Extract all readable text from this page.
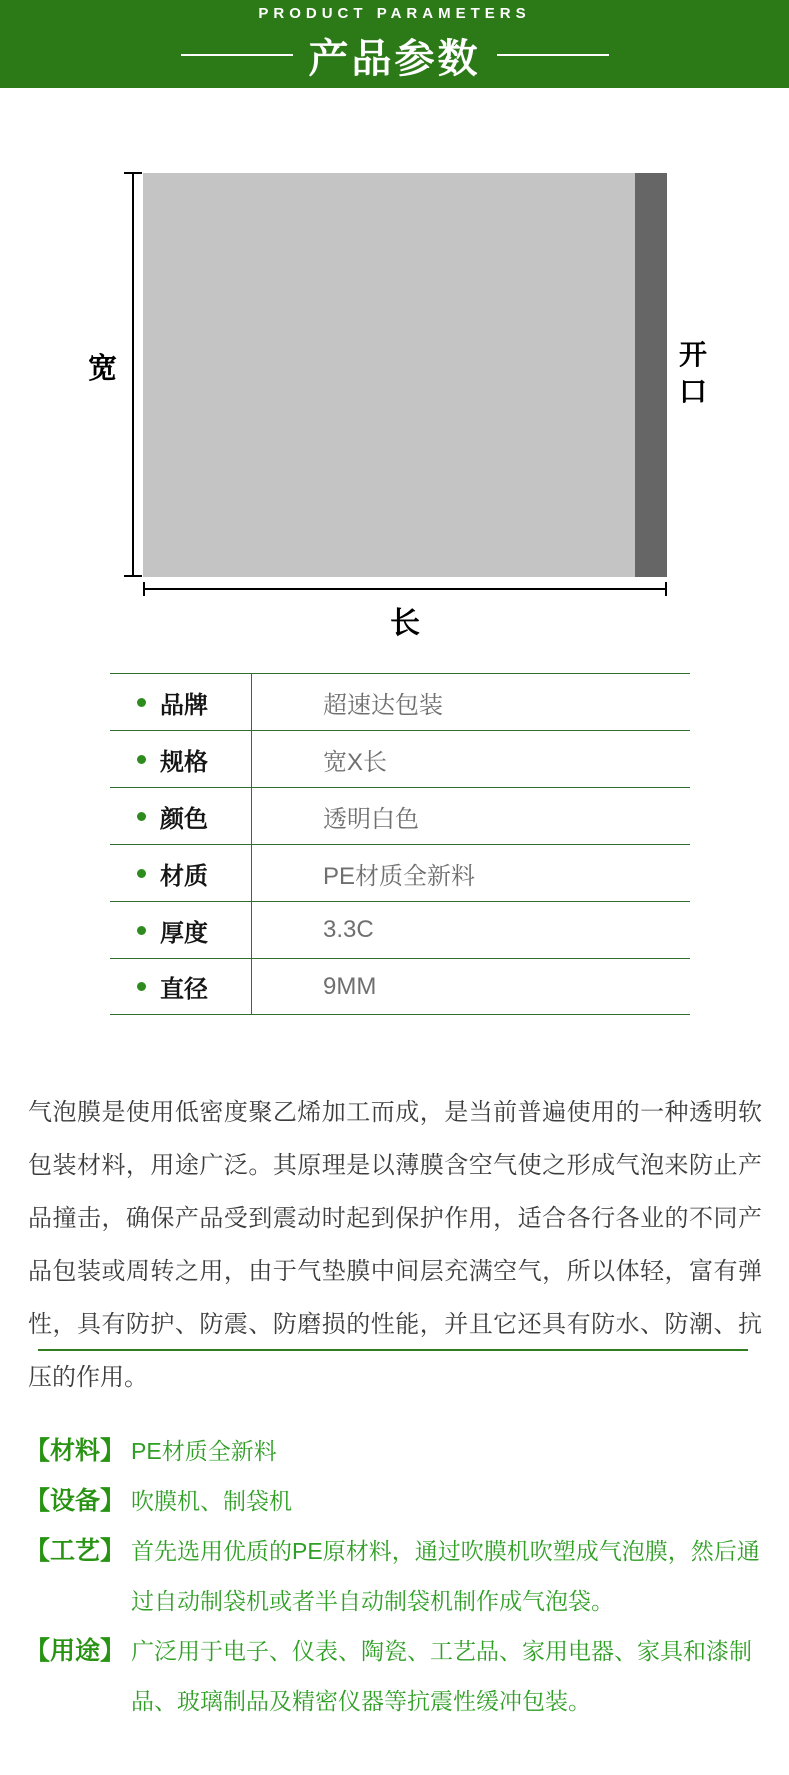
PRODUCT PARAMETERS
产品参数
宽	开口
长
品牌	超速达包装
规格	宽X长
颜色	透明白色
材质	PE材质全新料
厚度	3.3C
直径	9MM
气泡膜是使用低密度聚乙烯加工而成，是当前普遍使用的一种透明软包装材料，用途广泛。其原理是以薄膜含空气使之形成气泡来防止产品撞击，确保产品受到震动时起到保护作用，适合各行各业的不同产品包装或周转之用，由于气垫膜中间层充满空气，所以体轻，富有弹性，具有防护、防震、防磨损的性能，并且它还具有防水、防潮、抗压的作用。
【材料】 PE材质全新料
【设备】 吹膜机、制袋机
【工艺】 首先选用优质的PE原材料，通过吹膜机吹塑成气泡膜，然后通过自动制袋机或者半自动制袋机制作成气泡袋。
【用途】 广泛用于电子、仪表、陶瓷、工艺品、家用电器、家具和漆制品、玻璃制品及精密仪器等抗震性缓冲包装。
